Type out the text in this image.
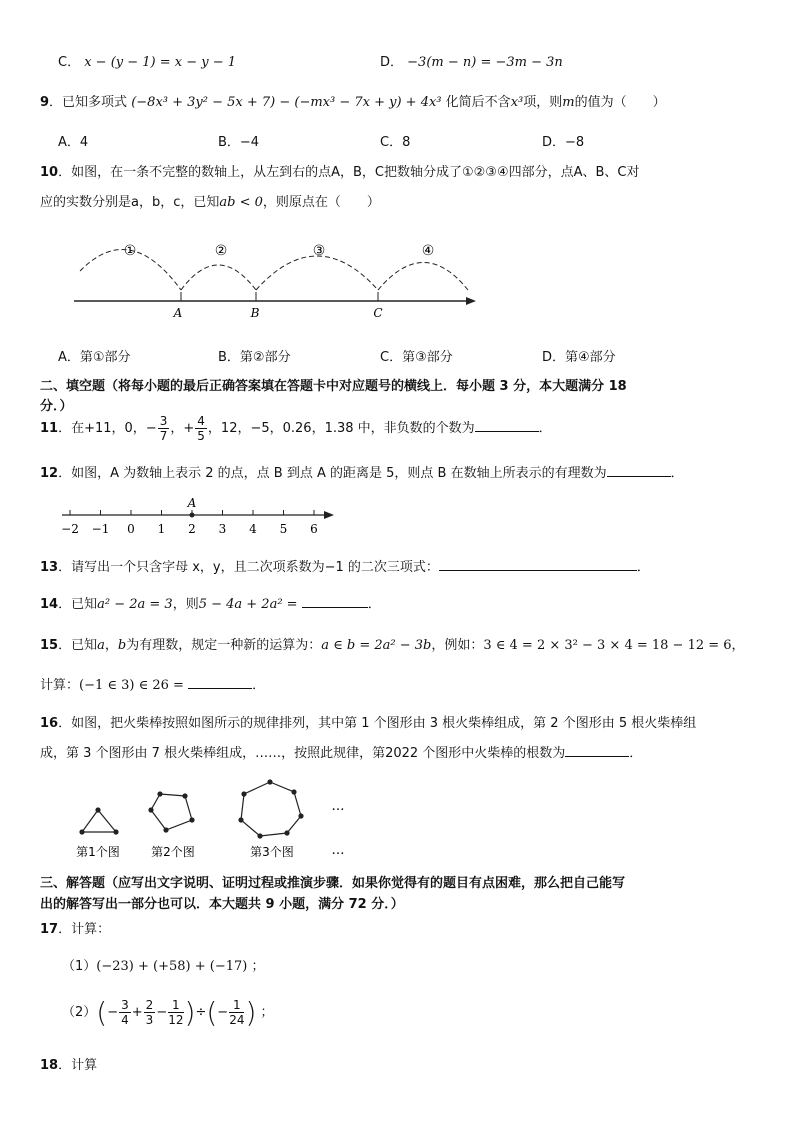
C． x − (y − 1) = x − y − 1	D． −3(m − n) = −3m − 3n
9．已知多项式 (−8x³ + 3y² − 5x + 7) − (−mx³ − 7x + y) + 4x³ 化简后不含x³项，则m的值为（　　）
A．4	B．−4	C．8	D．−8
10．如图，在一条不完整的数轴上，从左到右的点A，B，C把数轴分成了①②③④四部分，点A、B、C对
应的实数分别是a，b，c，已知ab < 0，则原点在（　　）
①	②	③	④
A	B	C
A．第①部分	B．第②部分	C．第③部分	D．第④部分
二、填空题（将每小题的最后正确答案填在答题卡中对应题号的横线上．每小题 3 分，本大题满分 18
分．）
11．在+11，0，− $\frac{3}{7}$ ，+ $\frac{4}{5}$ ，12，−5，0.26，1.38 中，非负数的个数为	．
12．如图，A 为数轴上表示 2 的点，点 B 到点 A 的距离是 5，则点 B 在数轴上所表示的有理数为	．
−2 −1 0 1 2 3 4 5 6
A
13．请写出一个只含字母 x，y，且二次项系数为−1 的二次三项式：	．
14．已知a² − 2a = 3，则5 − 4a + 2a² =	．
15．已知a，b为有理数，规定一种新的运算为：a ∈ b = 2a² − 3b，例如：3 ∈ 4 = 2 × 3² − 3 × 4 = 18 − 12 = 6，
计算：(−1 ∈ 3) ∈ 26 =	．
16．如图，把火柴棒按照如图所示的规律排列，其中第 1 个图形由 3 根火柴棒组成，第 2 个图形由 5 根火柴棒组
成，第 3 个图形由 7 根火柴棒组成，……，按照此规律，第2022 个图形中火柴棒的根数为	．
…
第1个图	第2个图	第3个图	…
三、解答题（应写出文字说明、证明过程或推演步骤．如果你觉得有的题目有点困难，那么把自己能写
出的解答写出一部分也可以．本大题共 9 小题，满分 72 分．）
17．计算：
（1）(−23) + (+58) + (−17) ；
$(2)(- \frac{3}{4} + \frac{2}{3} - \frac{1}{12}$ )÷(− $\frac{1}{24}$ ) ；
18．计算
